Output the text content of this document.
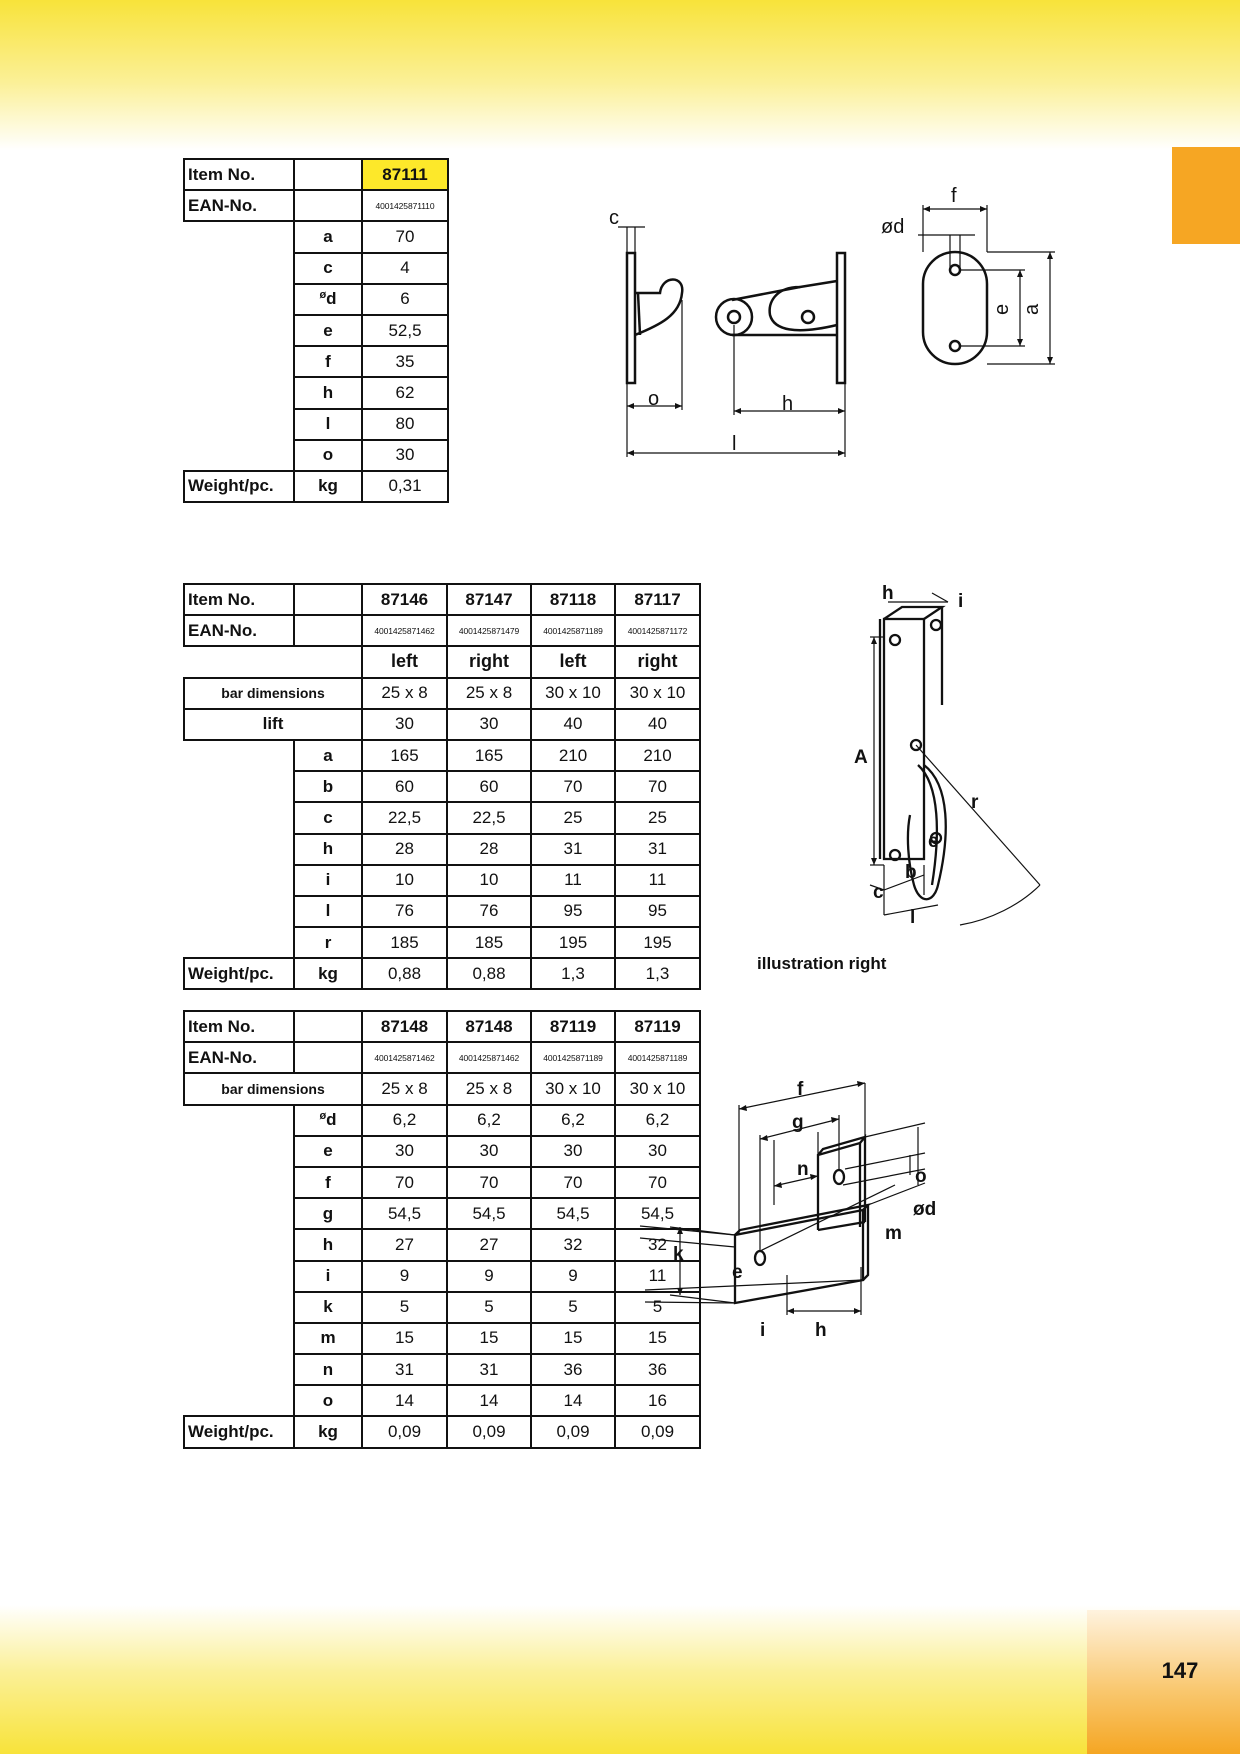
147
Item No.		87111
EAN-No.		4001425871110
	a	70
	c	4
	$^ø$d	6
	e	52,5
	f	35
	h	62
	l	80
	o	30
Weight/pc.	kg	0,31
Item No.		87146	87147	87118	87117
EAN-No.		4001425871462	4001425871479	4001425871189	4001425871172
		left	right	left	right
bar dimensions		25 x 8	25 x 8	30 x 10	30 x 10
lift		30	30	40	40
	a	165	165	210	210
	b	60	60	70	70
	c	22,5	22,5	25	25
	h	28	28	31	31
	i	10	10	11	11
	l	76	76	95	95
	r	185	185	195	195
Weight/pc.	kg	0,88	0,88	1,3	1,3
Item No.		87148	87148	87119	87119
EAN-No.		4001425871462	4001425871462	4001425871189	4001425871189
bar dimensions		25 x 8	25 x 8	30 x 10	30 x 10
	$^ø$d	6,2	6,2	6,2	6,2
	e	30	30	30	30
	f	70	70	70	70
	g	54,5	54,5	54,5	54,5
	h	27	27	32	32
	i	9	9	9	11
	k	5	5	5	5
	m	15	15	15	15
	n	31	31	36	36
	o	14	14	14	16
Weight/pc.	kg	0,09	0,09	0,09	0,09
c
o	h
l
f
ød
e a
h	i
A
r
e
b
c
l
illustration right
f
g
n	o
ød
m
k
e
i	h
